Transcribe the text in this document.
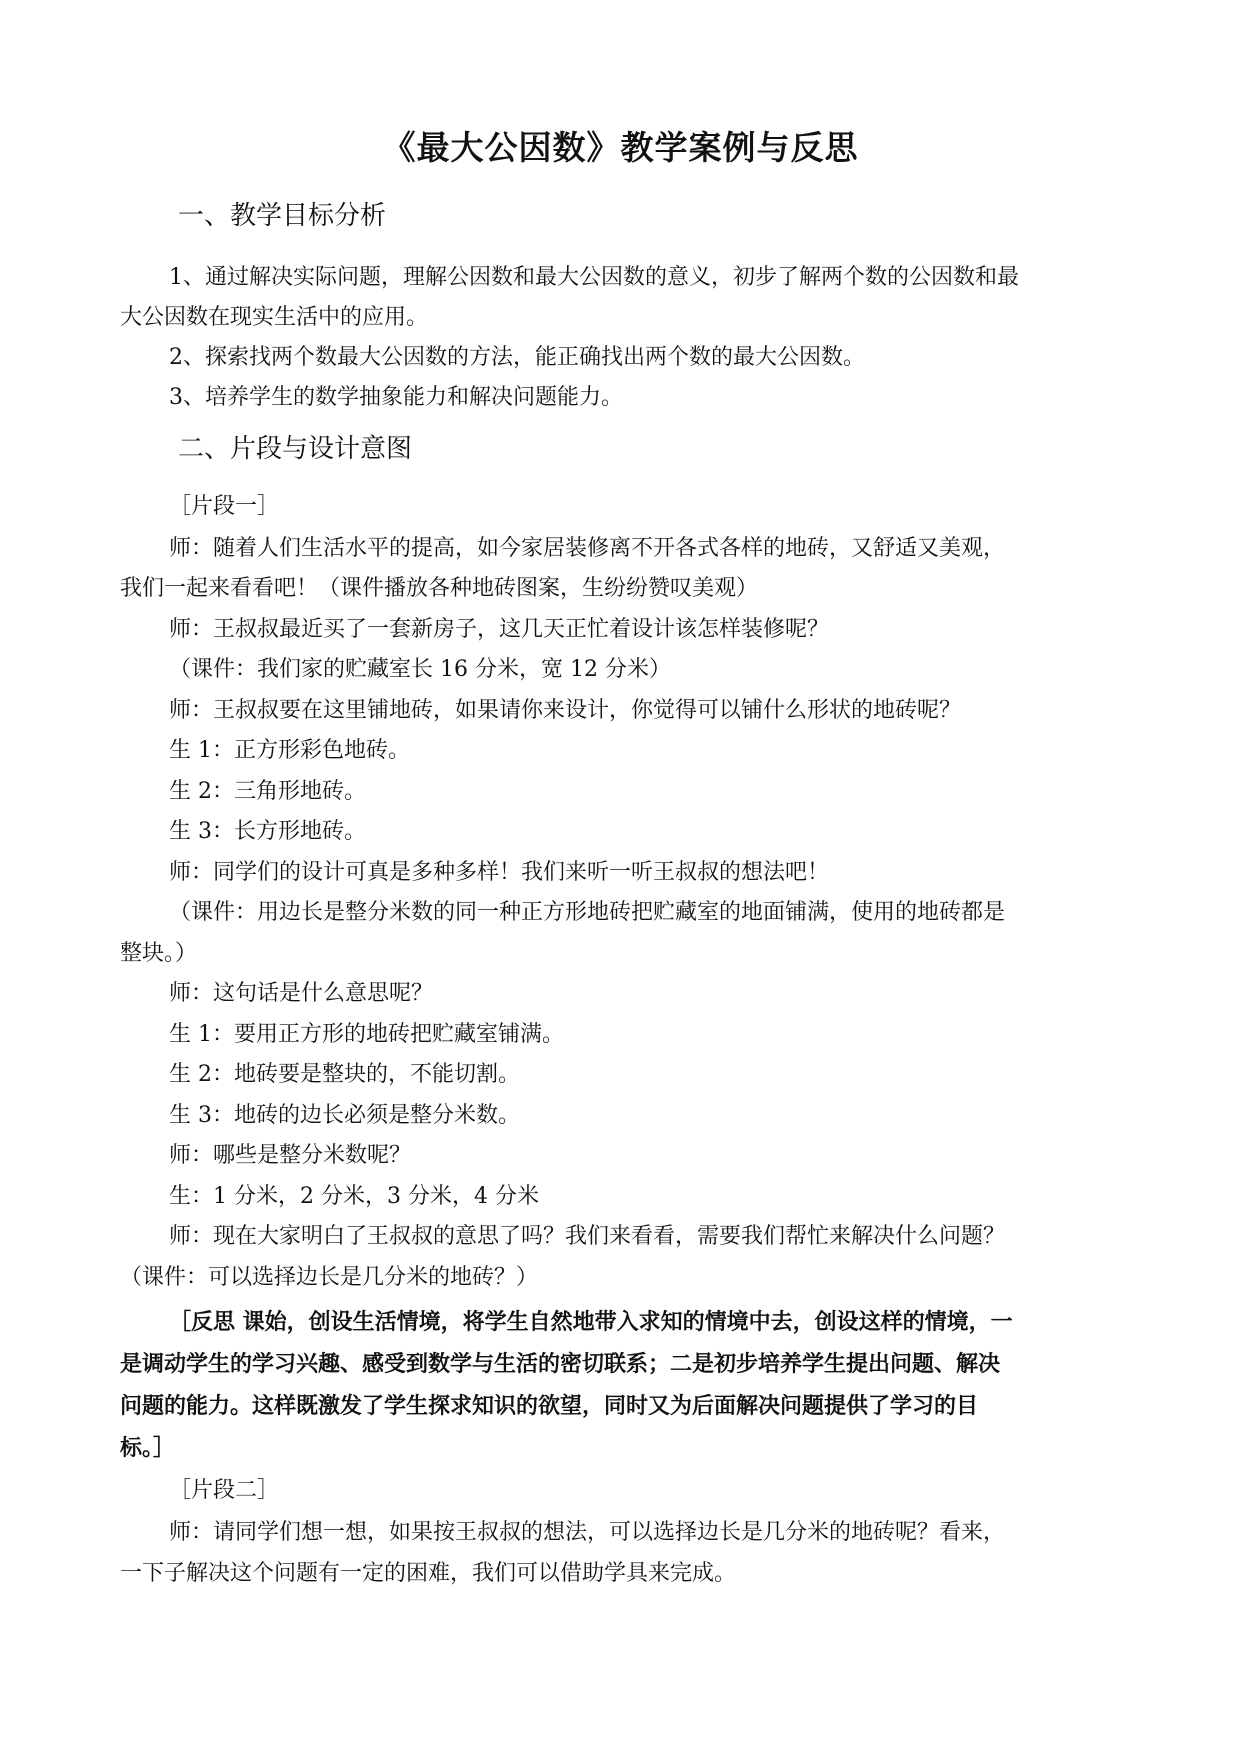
《最大公因数》教学案例与反思
一、教学目标分析
1、通过解决实际问题，理解公因数和最大公因数的意义，初步了解两个数的公因数和最
大公因数在现实生活中的应用。
2、探索找两个数最大公因数的方法，能正确找出两个数的最大公因数。
3、培养学生的数学抽象能力和解决问题能力。
二、片段与设计意图
［片段一］
师：随着人们生活水平的提高，如今家居装修离不开各式各样的地砖，又舒适又美观，
我们一起来看看吧！（课件播放各种地砖图案，生纷纷赞叹美观）
师：王叔叔最近买了一套新房子，这几天正忙着设计该怎样装修呢？
（课件：我们家的贮藏室长 16 分米，宽 12 分米）
师：王叔叔要在这里铺地砖，如果请你来设计，你觉得可以铺什么形状的地砖呢？
生 1：正方形彩色地砖。
生 2：三角形地砖。
生 3：长方形地砖。
师：同学们的设计可真是多种多样！我们来听一听王叔叔的想法吧！
（课件：用边长是整分米数的同一种正方形地砖把贮藏室的地面铺满，使用的地砖都是
整块。）
师：这句话是什么意思呢？
生 1：要用正方形的地砖把贮藏室铺满。
生 2：地砖要是整块的，不能切割。
生 3：地砖的边长必须是整分米数。
师：哪些是整分米数呢？
生：1 分米，2 分米，3 分米，4 分米
师：现在大家明白了王叔叔的意思了吗？我们来看看，需要我们帮忙来解决什么问题？
（课件：可以选择边长是几分米的地砖？）
［反思 课始，创设生活情境，将学生自然地带入求知的情境中去，创设这样的情境，一
是调动学生的学习兴趣、感受到数学与生活的密切联系；二是初步培养学生提出问题、解决
问题的能力。这样既激发了学生探求知识的欲望，同时又为后面解决问题提供了学习的目
标。］
［片段二］
师：请同学们想一想，如果按王叔叔的想法，可以选择边长是几分米的地砖呢？看来，
一下子解决这个问题有一定的困难，我们可以借助学具来完成。
